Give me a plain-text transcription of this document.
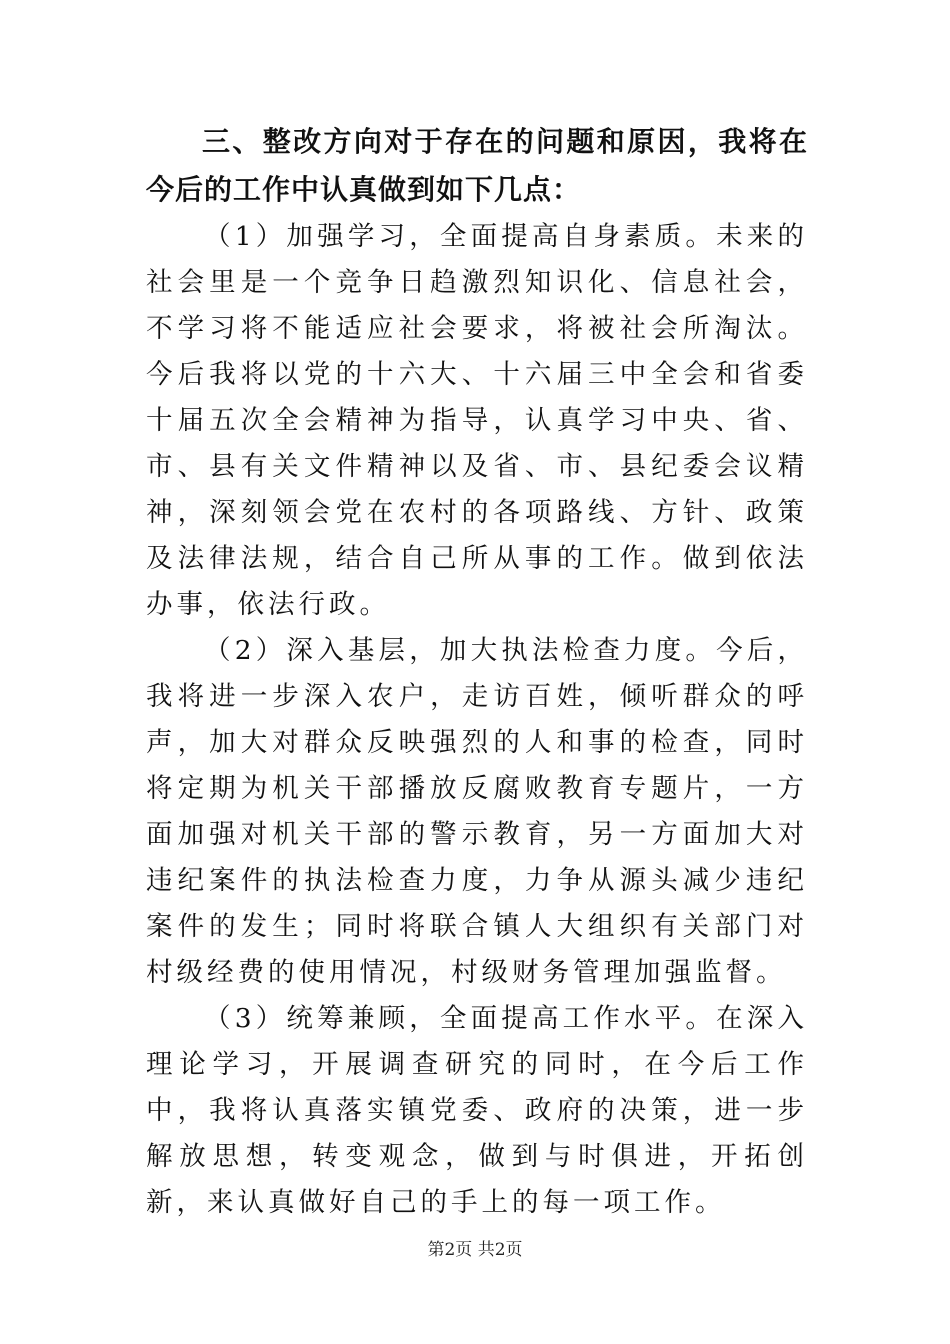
三、整改方向对于存在的问题和原因，我将在今后的工作中认真做到如下几点：

（1）加强学习，全面提高自身素质。未来的社会里是一个竞争日趋激烈知识化、信息社会，不学习将不能适应社会要求，将被社会所淘汰。今后我将以党的十六大、十六届三中全会和省委十届五次全会精神为指导，认真学习中央、省、市、县有关文件精神以及省、市、县纪委会议精神，深刻领会党在农村的各项路线、方针、政策及法律法规，结合自己所从事的工作。做到依法办事，依法行政。

（2）深入基层，加大执法检查力度。今后，我将进一步深入农户，走访百姓，倾听群众的呼声，加大对群众反映强烈的人和事的检查，同时将定期为机关干部播放反腐败教育专题片，一方面加强对机关干部的警示教育，另一方面加大对违纪案件的执法检查力度，力争从源头减少违纪案件的发生；同时将联合镇人大组织有关部门对村级经费的使用情况，村级财务管理加强监督。

（3）统筹兼顾，全面提高工作水平。在深入理论学习，开展调查研究的同时，在今后工作中，我将认真落实镇党委、政府的决策，进一步解放思想，转变观念，做到与时俱进，开拓创新，来认真做好自己的手上的每一项工作。

第2页 共2页
